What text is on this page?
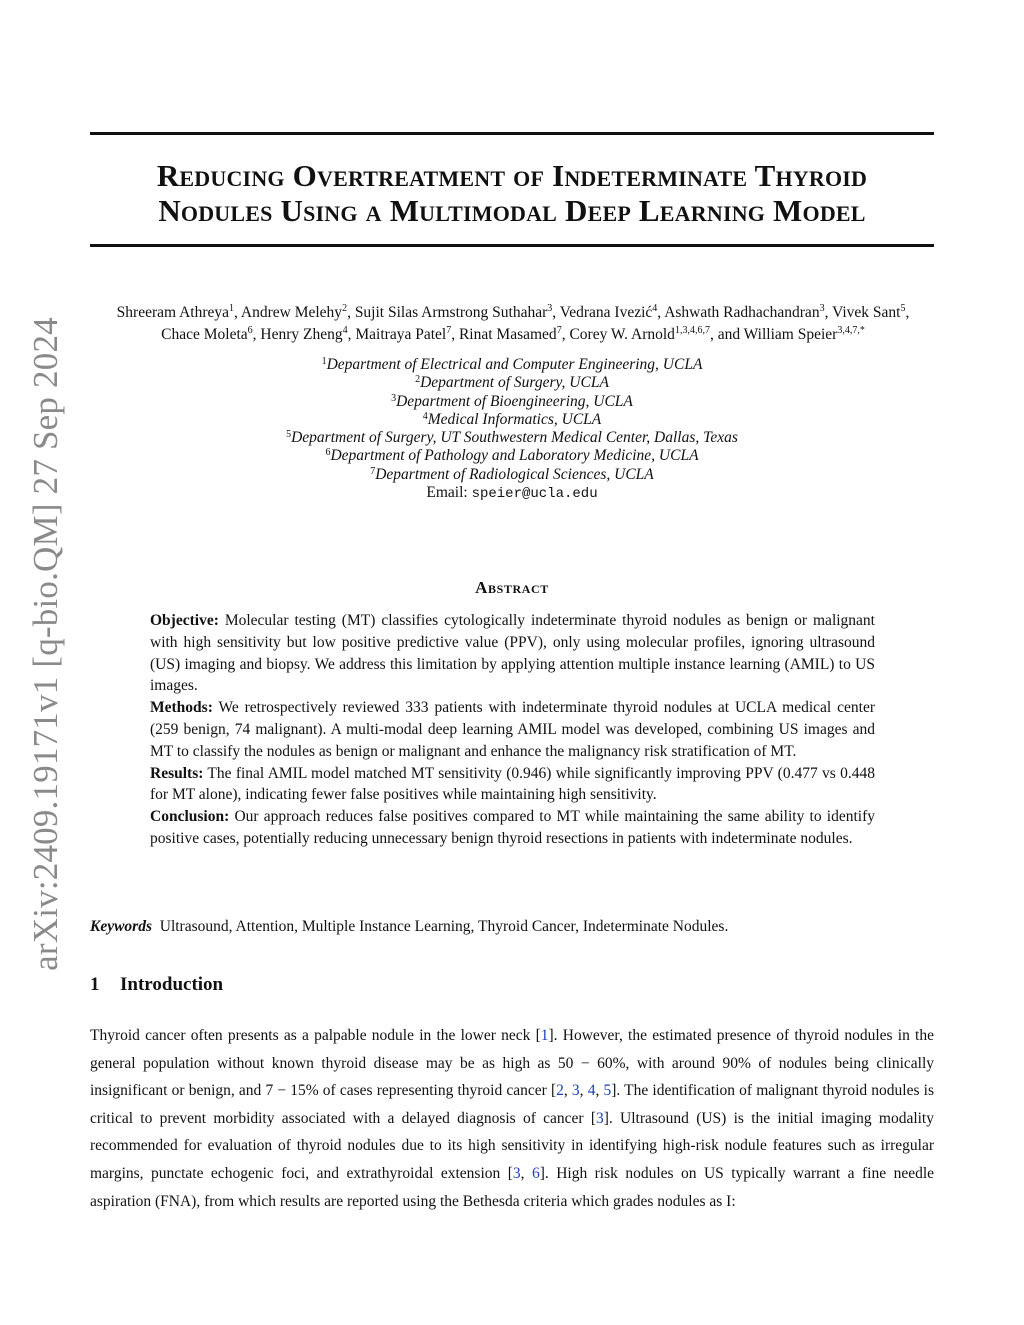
arXiv:2409.19171v1 [q-bio.QM] 27 Sep 2024
Reducing Overtreatment of Indeterminate Thyroid
Nodules Using a Multimodal Deep Learning Model
Shreeram Athreya$^1$, Andrew Melehy$^2$, Sujit Silas Armstrong Suthahar$^3$, Vedrana Ivezić$^4$, Ashwath Radhachandran$^3$, Vivek Sant$^5$,
Chace Moleta$^6$, Henry Zheng$^4$, Maitraya Patel$^7$, Rinat Masamed$^7$, Corey W. Arnold$^{1,3,4,6,7}$, and William Speier$^{3,4,7,*}$
$^1$Department of Electrical and Computer Engineering, UCLA
$^2$Department of Surgery, UCLA
$^3$Department of Bioengineering, UCLA
$^4$Medical Informatics, UCLA
$^5$Department of Surgery, UT Southwestern Medical Center, Dallas, Texas
$^6$Department of Pathology and Laboratory Medicine, UCLA
$^7$Department of Radiological Sciences, UCLA
Email: speier@ucla.edu
Abstract

Objective: Molecular testing (MT) classifies cytologically indeterminate thyroid nodules as benign or malignant with high sensitivity but low positive predictive value (PPV), only using molecular profiles, ignoring ultrasound (US) imaging and biopsy. We address this limitation by applying attention multiple instance learning (AMIL) to US images.

Methods: We retrospectively reviewed 333 patients with indeterminate thyroid nodules at UCLA medical center (259 benign, 74 malignant). A multi-modal deep learning AMIL model was developed, combining US images and MT to classify the nodules as benign or malignant and enhance the malignancy risk stratification of MT.

Results: The final AMIL model matched MT sensitivity (0.946) while significantly improving PPV (0.477 vs 0.448 for MT alone), indicating fewer false positives while maintaining high sensitivity.

Conclusion: Our approach reduces false positives compared to MT while maintaining the same ability to identify positive cases, potentially reducing unnecessary benign thyroid resections in patients with indeterminate nodules.

Keywords Ultrasound, Attention, Multiple Instance Learning, Thyroid Cancer, Indeterminate Nodules.
1 Introduction

Thyroid cancer often presents as a palpable nodule in the lower neck [1]. However, the estimated presence of thyroid nodules in the general population without known thyroid disease may be as high as 50 − 60%, with around 90% of nodules being clinically insignificant or benign, and 7 − 15% of cases representing thyroid cancer [2, 3, 4, 5]. The identification of malignant thyroid nodules is critical to prevent morbidity associated with a delayed diagnosis of cancer [3]. Ultrasound (US) is the initial imaging modality recommended for evaluation of thyroid nodules due to its high sensitivity in identifying high-risk nodule features such as irregular margins, punctate echogenic foci, and extrathyroidal extension [3, 6]. High risk nodules on US typically warrant a fine needle aspiration (FNA), from which results are reported using the Bethesda criteria which grades nodules as I:
